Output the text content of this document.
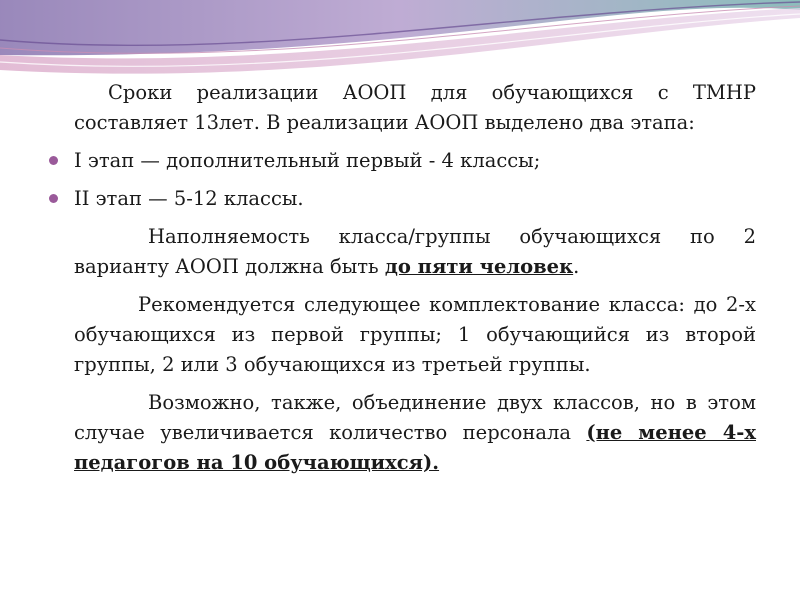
Сроки реализации АООП для обучающихся с ТМНР составляет 13лет. В реализации АООП выделено два этапа:

I этап — дополнительный первый - 4 классы;
II этап — 5-12 классы.

Наполняемость класса/группы обучающихся по 2 варианту АООП должна быть до пяти человек.

Рекомендуется следующее комплектование класса: до 2-х обучающихся из первой группы; 1 обучающийся из второй группы, 2 или 3 обучающихся из третьей группы.

Возможно, также, объединение двух классов, но в этом случае увеличивается количество персонала (не менее 4-х педагогов на 10 обучающихся).
